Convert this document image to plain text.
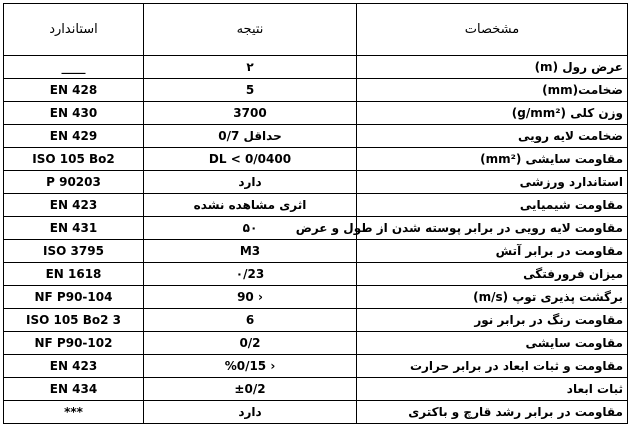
استاندارد	نتیجه	مشخصات
____	۲	عرض رول (m)
EN 428	5	ضخامت(mm)
EN 430	3700	وزن کلی (g/mm²)
EN 429	حداقل 0/7	ضخامت لایه رویی
ISO 105 Bo2	DL < 0/0400	مقاومت سایشی (mm²)
P 90203	دارد	استاندارد ورزشی
EN 423	اثری مشاهده نشده	مقاومت شیمیایی
EN 431	۵۰	مقاومت لایه رویی در برابر پوسته شدن از طول و عرض
ISO 3795	M3	مقاومت در برابر آتش
EN 1618	۰/23	میزان فرورفتگی
NF P90-104	90 ›	برگشت پذیری توپ (m/s)
ISO 105 Bo2 3	6	مقاومت رنگ در برابر نور
NF P90-102	0/2	مقاومت سایشی
EN 423	%0/15 ›	مقاومت و ثبات ابعاد در برابر حرارت
EN 434	±0/2	ثبات ابعاد
***	دارد	مقاومت در برابر رشد قارچ و باکتری
